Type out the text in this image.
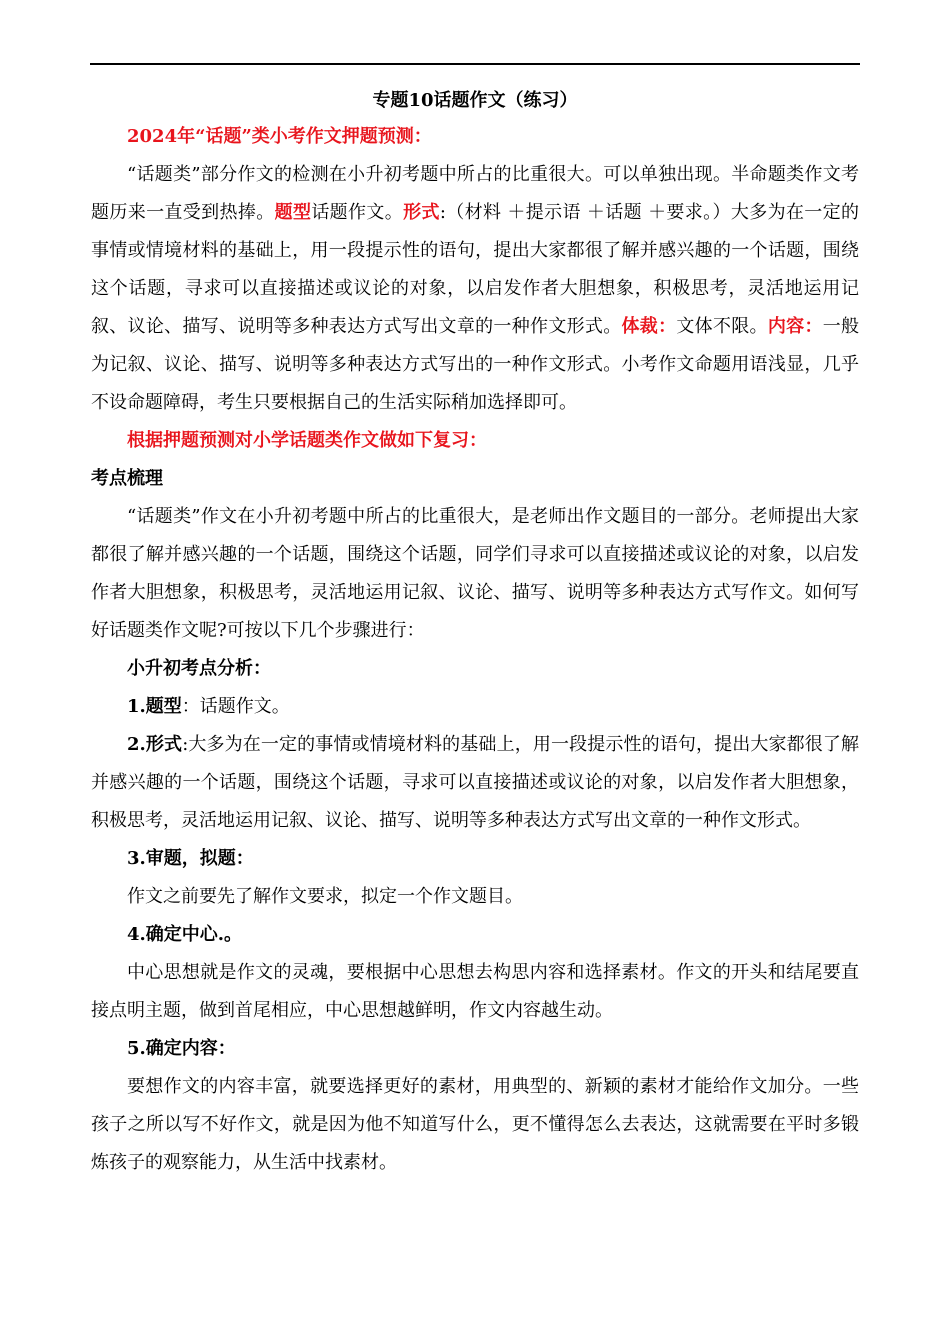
专题10话题作文（练习）

2024年“话题”类小考作文押题预测：

“话题类”部分作文的检测在小升初考题中所占的比重很大。可以单独出现。半命题类作文考题历来一直受到热捧。题型话题作文。形式:（材料 ＋提示语 ＋话题 ＋要求。）大多为在一定的事情或情境材料的基础上，用一段提示性的语句，提出大家都很了解并感兴趣的一个话题，围绕这个话题，寻求可以直接描述或议论的对象，以启发作者大胆想象，积极思考，灵活地运用记叙、议论、描写、说明等多种表达方式写出文章的一种作文形式。体裁：文体不限。内容：一般为记叙、议论、描写、说明等多种表达方式写出的一种作文形式。小考作文命题用语浅显，几乎不设命题障碍，考生只要根据自己的生活实际稍加选择即可。

根据押题预测对小学话题类作文做如下复习：

考点梳理

“话题类”作文在小升初考题中所占的比重很大，是老师出作文题目的一部分。老师提出大家都很了解并感兴趣的一个话题，围绕这个话题，同学们寻求可以直接描述或议论的对象，以启发作者大胆想象，积极思考，灵活地运用记叙、议论、描写、说明等多种表达方式写作文。如何写好话题类作文呢?可按以下几个步骤进行：

小升初考点分析：

1.题型：话题作文。

2.形式:大多为在一定的事情或情境材料的基础上，用一段提示性的语句，提出大家都很了解并感兴趣的一个话题，围绕这个话题，寻求可以直接描述或议论的对象，以启发作者大胆想象，积极思考，灵活地运用记叙、议论、描写、说明等多种表达方式写出文章的一种作文形式。

3.审题，拟题：

作文之前要先了解作文要求，拟定一个作文题目。

4.确定中心.。

中心思想就是作文的灵魂，要根据中心思想去构思内容和选择素材。作文的开头和结尾要直接点明主题，做到首尾相应，中心思想越鲜明，作文内容越生动。

5.确定内容：

要想作文的内容丰富，就要选择更好的素材，用典型的、新颖的素材才能给作文加分。一些孩子之所以写不好作文，就是因为他不知道写什么，更不懂得怎么去表达，这就需要在平时多锻炼孩子的观察能力，从生活中找素材。
